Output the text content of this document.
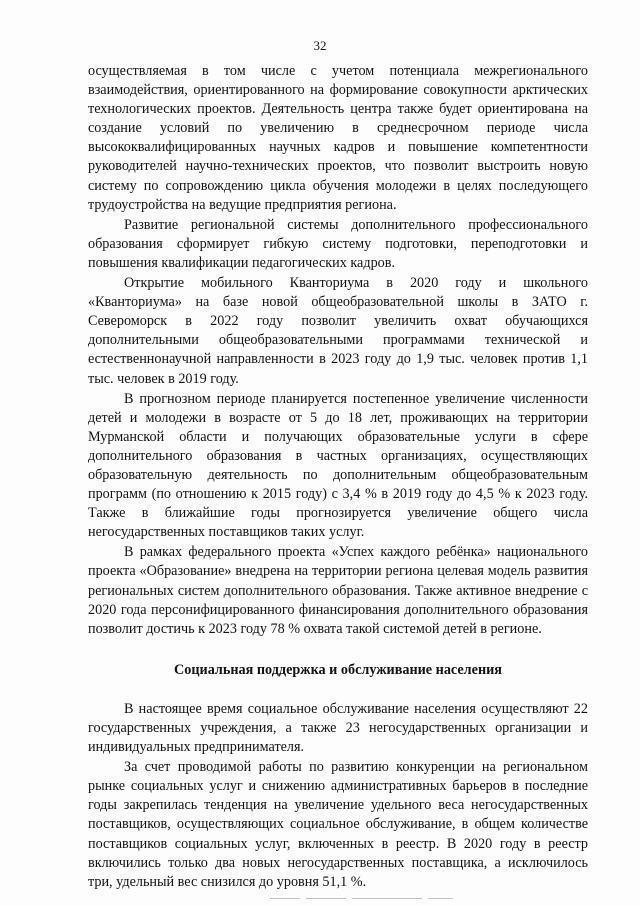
32

осуществляемая в том числе с учетом потенциала межрегионального взаимодействия, ориентированного на формирование совокупности арктических технологических проектов. Деятельность центра также будет ориентирована на создание условий по увеличению в среднесрочном периоде числа высококвалифицированных научных кадров и повышение компетентности руководителей научно-технических проектов, что позволит выстроить новую систему по сопровождению цикла обучения молодежи в целях последующего трудоустройства на ведущие предприятия региона.

Развитие региональной системы дополнительного профессионального образования сформирует гибкую систему подготовки, переподготовки и повышения квалификации педагогических кадров.

Открытие мобильного Кванториума в 2020 году и школьного «Кванториума» на базе новой общеобразовательной школы в ЗАТО г. Североморск в 2022 году позволит увеличить охват обучающихся дополнительными общеобразовательными программами технической и естественнонаучной направленности в 2023 году до 1,9 тыс. человек против 1,1 тыс. человек в 2019 году.

В прогнозном периоде планируется постепенное увеличение численности детей и молодежи в возрасте от 5 до 18 лет, проживающих на территории Мурманской области и получающих образовательные услуги в сфере дополнительного образования в частных организациях, осуществляющих образовательную деятельность по дополнительным общеобразовательным программ (по отношению к 2015 году) с 3,4 % в 2019 году до 4,5 % к 2023 году. Также в ближайшие годы прогнозируется увеличение общего числа негосударственных поставщиков таких услуг.

В рамках федерального проекта «Успех каждого ребёнка» национального проекта «Образование» внедрена на территории региона целевая модель развития региональных систем дополнительного образования. Также активное внедрение с 2020 года персонифицированного финансирования дополнительного образования позволит достичь к 2023 году 78 % охвата такой системой детей в регионе.

Социальная поддержка и обслуживание населения

В настоящее время социальное обслуживание населения осуществляют 22 государственных учреждения, а также 23 негосударственных организации и индивидуальных предпринимателя.

За счет проводимой работы по развитию конкуренции на региональном рынке социальных услуг и снижению административных барьеров в последние годы закрепилась тенденция на увеличение удельного веса негосударственных поставщиков, осуществляющих социальное обслуживание, в общем количестве поставщиков социальных услуг, включенных в реестр. В 2020 году в реестр включились только два новых негосударственных поставщика, а исключилось три, удельный вес снизился до уровня 51,1 %.
